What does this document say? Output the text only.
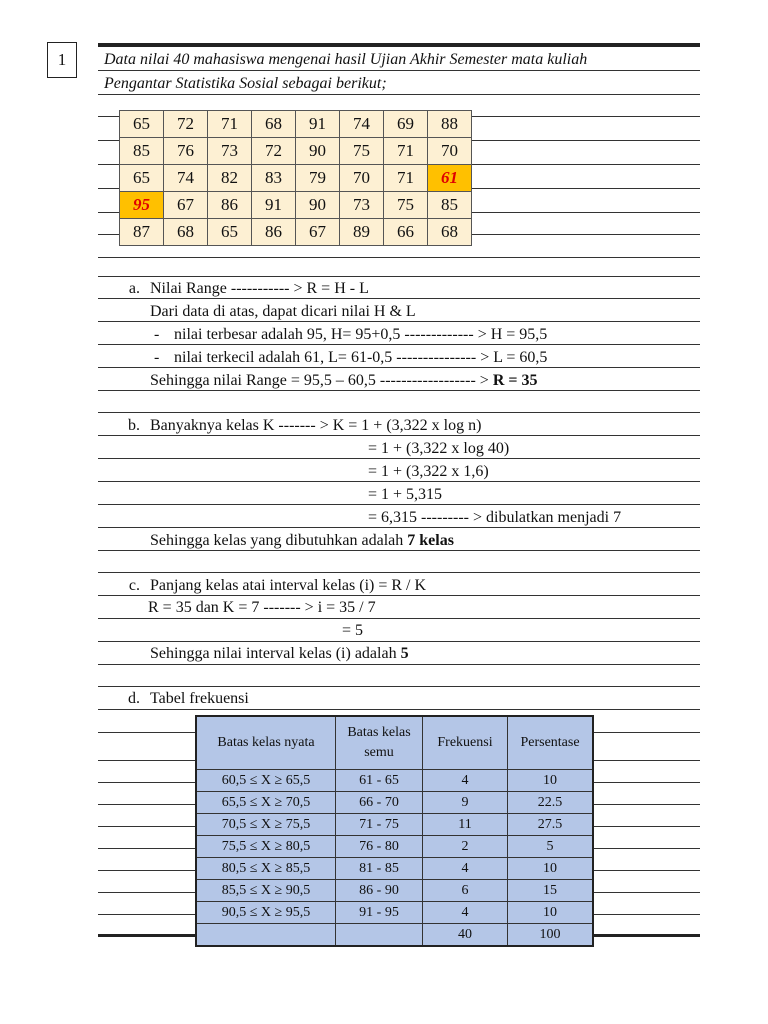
1	Data nilai 40 mahasiswa mengenai hasil Ujian Akhir Semester mata kuliah
Pengantar Statistika Sosial sebagai berikut;
65	72	71	68	91	74	69	88
85	76	73	72	90	75	71	70
65	74	82	83	79	70	71	61
95	67	86	91	90	73	75	85
87	68	65	86	67	89	66	68
a. Nilai Range ----------- > R = H - L
Dari data di atas, dapat dicari nilai H & L
- nilai terbesar adalah 95, H= 95+0,5 ------------- > H = 95,5
- nilai terkecil adalah 61, L= 61-0,5 --------------- > L = 60,5
Sehingga nilai Range = 95,5 – 60,5 ------------------ > R = 35
b. Banyaknya kelas K ------- > K = 1 + (3,322 x log n)
= 1 + (3,322 x log 40)
= 1 + (3,322 x 1,6)
= 1 + 5,315
= 6,315 --------- > dibulatkan menjadi 7
Sehingga kelas yang dibutuhkan adalah 7 kelas
c. Panjang kelas atai interval kelas (i) = R / K
R = 35 dan K = 7 ------- > i = 35 / 7
= 5
Sehingga nilai interval kelas (i) adalah 5
d. Tabel frekuensi
Batas kelas nyata	Batas kelas semu	Frekuensi	Persentase
60,5 ≤ X ≥ 65,5	61 - 65	4	10
65,5 ≤ X ≥ 70,5	66 - 70	9	22.5
70,5 ≤ X ≥ 75,5	71 - 75	11	27.5
75,5 ≤ X ≥ 80,5	76 - 80	2	5
80,5 ≤ X ≥ 85,5	81 - 85	4	10
85,5 ≤ X ≥ 90,5	86 - 90	6	15
90,5 ≤ X ≥ 95,5	91 - 95	4	10
		40	100
